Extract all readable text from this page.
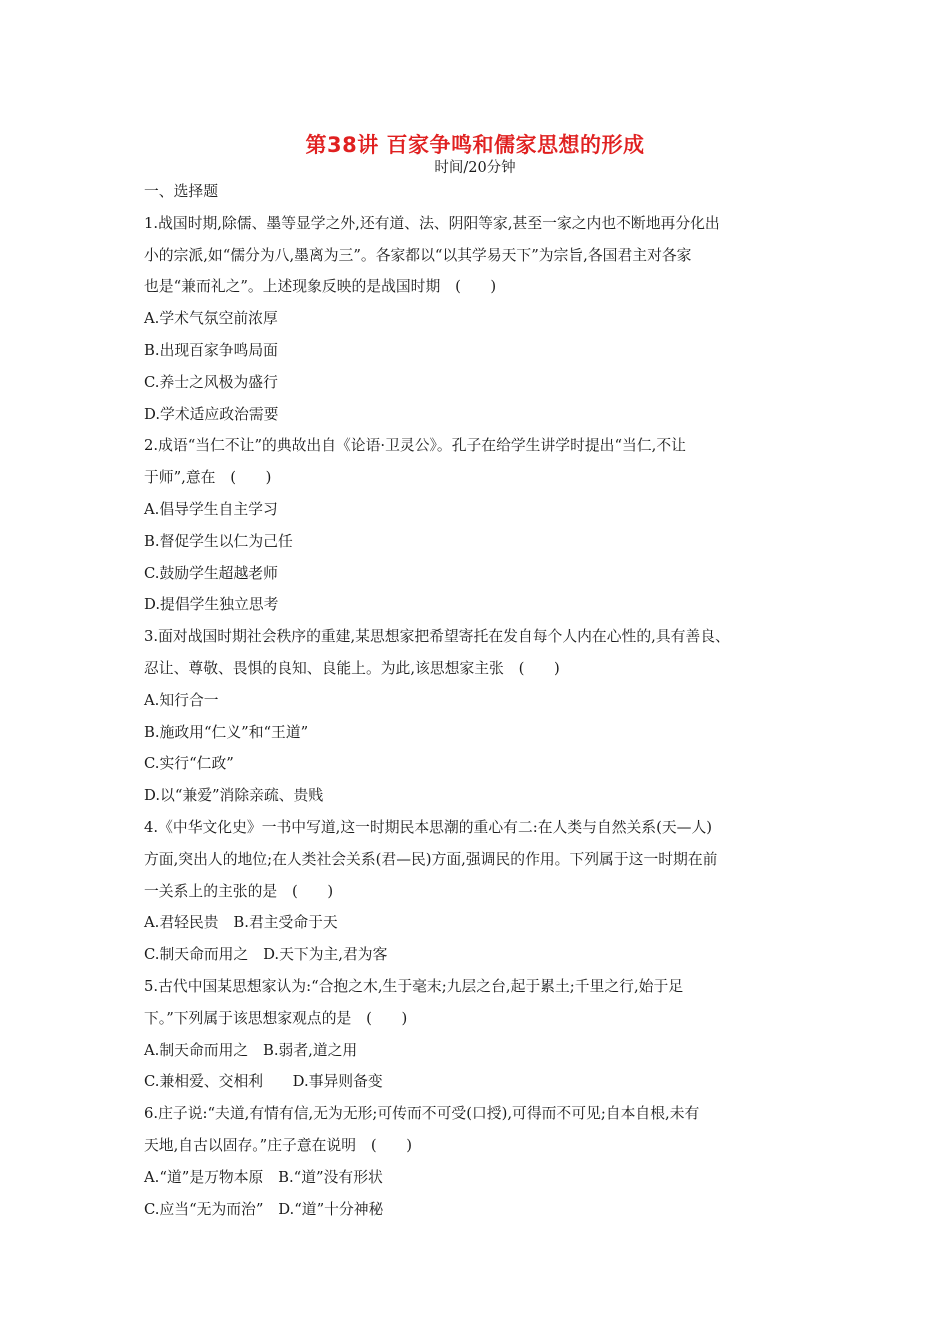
第38讲 百家争鸣和儒家思想的形成
时间/20分钟
一、选择题
1.战国时期,除儒、墨等显学之外,还有道、法、阴阳等家,甚至一家之内也不断地再分化出
小的宗派,如“儒分为八,墨离为三”。各家都以“以其学易天下”为宗旨,各国君主对各家
也是“兼而礼之”。上述现象反映的是战国时期　(　　)
A.学术气氛空前浓厚
B.出现百家争鸣局面
C.养士之风极为盛行
D.学术适应政治需要
2.成语“当仁不让”的典故出自《论语·卫灵公》。孔子在给学生讲学时提出“当仁,不让
于师”,意在　(　　)
A.倡导学生自主学习
B.督促学生以仁为己任
C.鼓励学生超越老师
D.提倡学生独立思考
3.面对战国时期社会秩序的重建,某思想家把希望寄托在发自每个人内在心性的,具有善良、
忍让、尊敬、畏惧的良知、良能上。为此,该思想家主张　(　　)
A.知行合一
B.施政用“仁义”和“王道”
C.实行“仁政”
D.以“兼爱”消除亲疏、贵贱
4.《中华文化史》一书中写道,这一时期民本思潮的重心有二:在人类与自然关系(天—人)
方面,突出人的地位;在人类社会关系(君—民)方面,强调民的作用。下列属于这一时期在前
一关系上的主张的是　(　　)
A.君轻民贵　B.君主受命于天
C.制天命而用之　D.天下为主,君为客
5.古代中国某思想家认为:“合抱之木,生于毫末;九层之台,起于累土;千里之行,始于足
下。”下列属于该思想家观点的是　(　　)
A.制天命而用之　B.弱者,道之用
C.兼相爱、交相利　　D.事异则备变
6.庄子说:“夫道,有情有信,无为无形;可传而不可受(口授),可得而不可见;自本自根,未有
天地,自古以固存。”庄子意在说明　(　　)
A.“道”是万物本原　B.“道”没有形状
C.应当“无为而治”　D.“道”十分神秘
